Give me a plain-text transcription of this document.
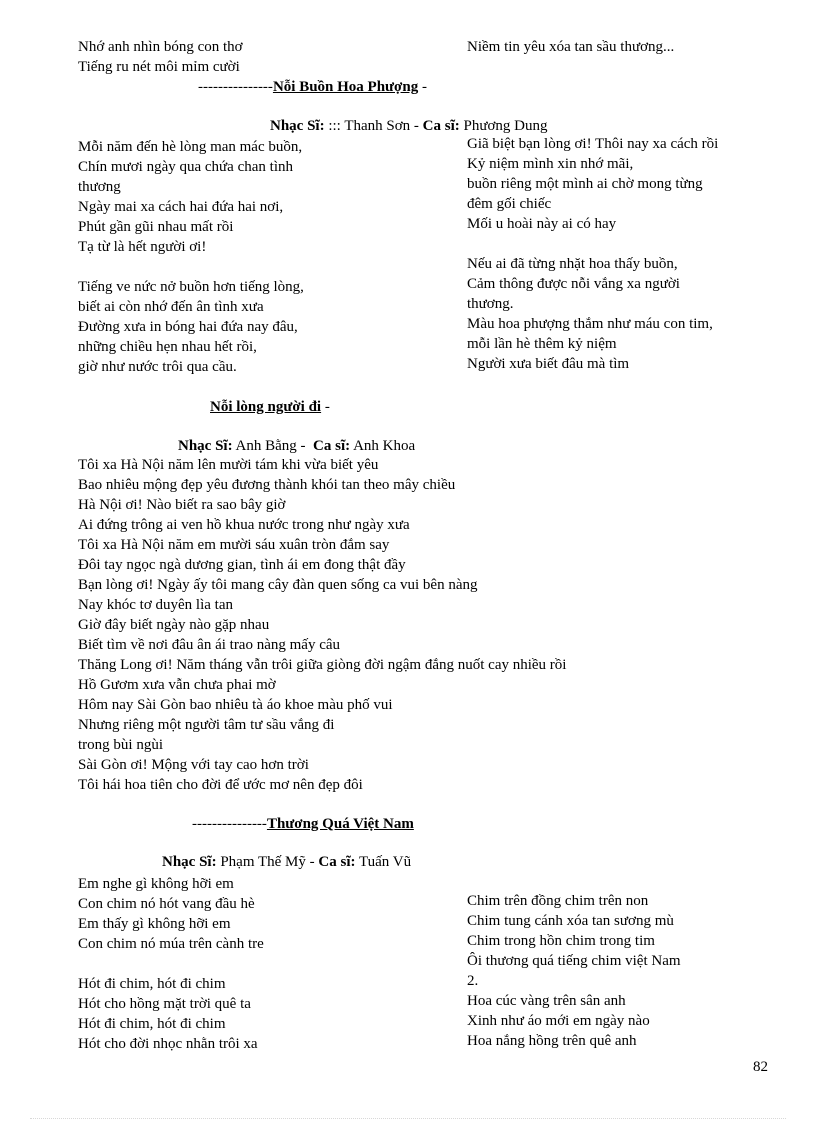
Nhớ anh nhìn bóng con thơ
Tiếng ru nét môi mỉm cười
Niềm tin yêu xóa tan sầu thương...
---------------Nỗi Buồn Hoa Phượng -
Nhạc Sĩ: ::: Thanh Sơn - Ca sĩ: Phương Dung
Mỗi năm đến hè lòng man mác buồn,
Chín mươi ngày qua chứa chan tình
thương
Ngày mai xa cách hai đứa hai nơi,
Phút gần gũi nhau mất rồi
Tạ từ là hết người ơi!
Tiếng ve nức nở buồn hơn tiếng lòng,
biết ai còn nhớ đến ân tình xưa
Đường xưa in bóng hai đứa nay đâu,
những chiều hẹn nhau hết rồi,
giờ như nước trôi qua cầu.
Giã biệt bạn lòng ơi! Thôi nay xa cách rồi
Kỷ niệm mình xin nhớ mãi,
buồn riêng một mình ai chờ mong từng
đêm gối chiếc
Mối u hoài này ai có hay
Nếu ai đã từng nhặt hoa thấy buồn,
Cảm thông được nỗi vắng xa người
thương.
Màu hoa phượng thắm như máu con tim,
mỗi lần hè thêm kỷ niệm
Người xưa biết đâu mà tìm
Nỗi lòng người đi -
Nhạc Sĩ: Anh Bằng - Ca sĩ: Anh Khoa
Tôi xa Hà Nội năm lên mười tám khi vừa biết yêu
Bao nhiêu mộng đẹp yêu đương thành khói tan theo mây chiều
Hà Nội ơi! Nào biết ra sao bây giờ
Ai đứng trông ai ven hồ khua nước trong như ngày xưa
Tôi xa Hà Nội năm em mười sáu xuân tròn đắm say
Đôi tay ngọc ngà dương gian, tình ái em đong thật đầy
Bạn lòng ơi! Ngày ấy tôi mang cây đàn quen sống ca vui bên nàng
Nay khóc tơ duyên lìa tan
Giờ đây biết ngày nào gặp nhau
Biết tìm về nơi đâu ân ái trao nàng mấy câu
Thăng Long ơi! Năm tháng vẫn trôi giữa giòng đời ngậm đắng nuốt cay nhiều rồi
Hồ Gươm xưa vẫn chưa phai mờ
Hôm nay Sài Gòn bao nhiêu tà áo khoe màu phố vui
Nhưng riêng một người tâm tư sầu vắng đi
trong bùi ngùi
Sài Gòn ơi! Mộng với tay cao hơn trời
Tôi hái hoa tiên cho đời để ước mơ nên đẹp đôi
---------------Thương Quá Việt Nam
Nhạc Sĩ: Phạm Thế Mỹ - Ca sĩ: Tuấn Vũ
Em nghe gì không hỡi em
Con chim nó hót vang đầu hè
Em thấy gì không hỡi em
Con chim nó múa trên cành tre
Hót đi chim, hót đi chim
Hót cho hồng mặt trời quê ta
Hót đi chim, hót đi chim
Hót cho đời nhọc nhằn trôi xa
Chim trên đồng chim trên non
Chim tung cánh xóa tan sương mù
Chim trong hồn chim trong tim
Ôi thương quá tiếng chim việt Nam
2.
Hoa cúc vàng trên sân anh
Xinh như áo mới em ngày nào
Hoa nắng hồng trên quê anh
82
